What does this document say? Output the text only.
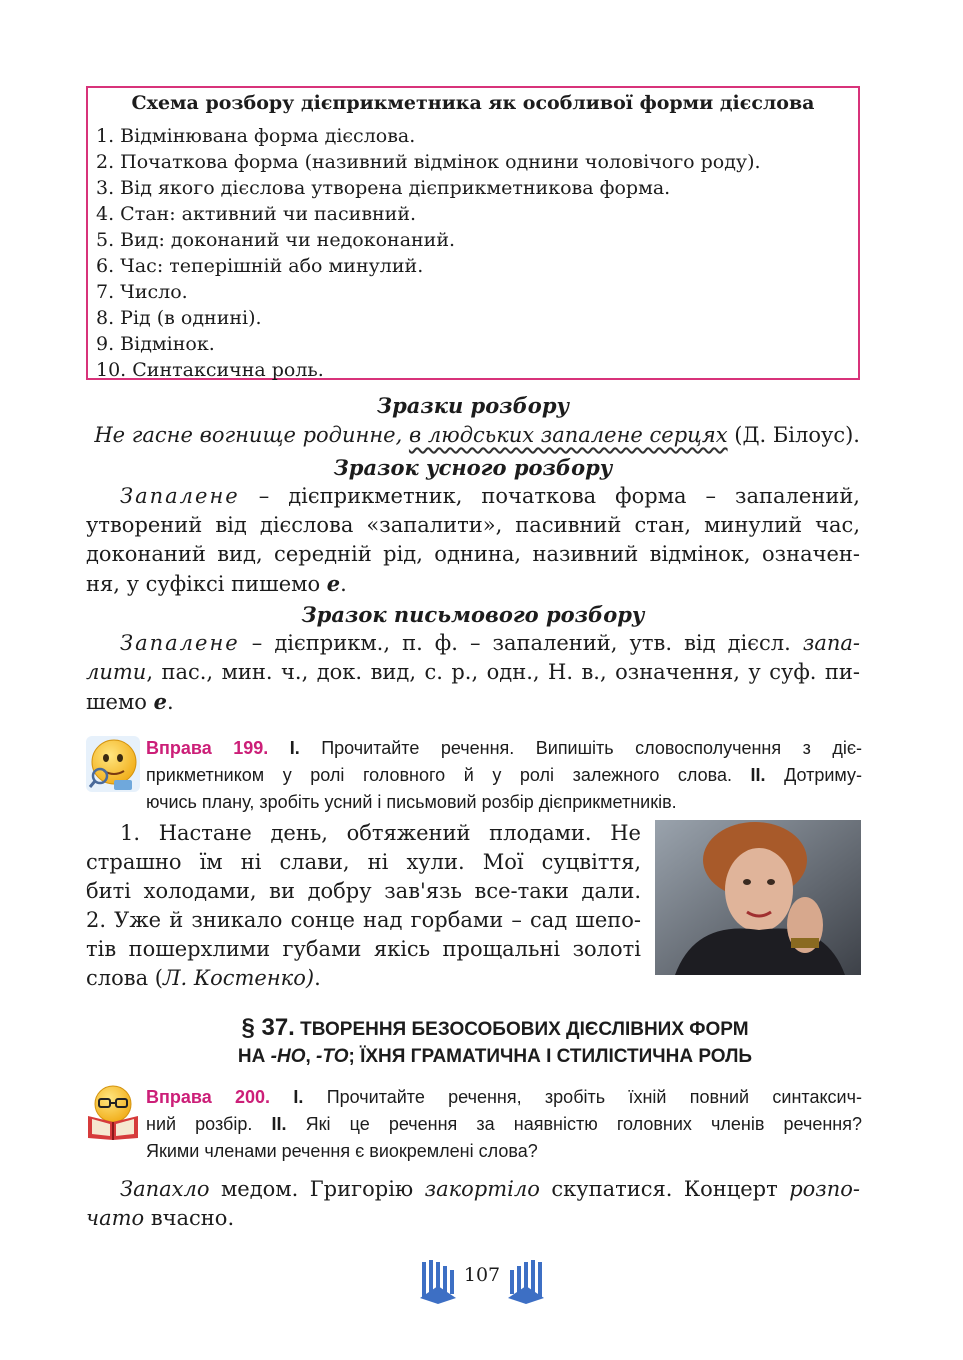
Схема розбору дієприкметника як особливої форми дієслова
1. Відмінювана форма дієслова.
2. Початкова форма (називний відмінок однини чоловічого роду).
3. Від якого дієслова утворена дієприкметникова форма.
4. Стан: активний чи пасивний.
5. Вид: доконаний чи недоконаний.
6. Час: теперішній або минулий.
7. Число.
8. Рід (в однині).
9. Відмінок.
10. Синтаксична роль.
Зразки розбору
Не гасне вогнище родинне, в людських запалене серцях (Д. Білоус).
Зразок усного розбору
Запалене – дієприкметник, початкова форма – запалений,
утворений від дієслова «запалити», пасивний стан, минулий час,
доконаний вид, середній рід, однина, називний відмінок, означен-
ня, у суфіксі пишемо е.
Зразок письмового розбору
Запалене – дієприкм., п. ф. – запалений, утв. від дієсл. запа-
лити, пас., мин. ч., док. вид, с. р., одн., Н. в., означення, у суф. пи-
шемо е.
Вправа 199. I. Прочитайте речення. Випишіть словосполучення з діє-
прикметником у ролі головного й у ролі залежного слова. II. Дотриму-
ючись плану, зробіть усний і письмовий розбір дієприкметників.
1. Настане день, обтяжений плодами. Не
страшно їм ні слави, ні хули. Мої суцвіття,
биті холодами, ви добру зав'язь все-таки дали.
2. Уже й зникало сонце над горбами – сад шепо-
тів пошерхлими губами якісь прощальні золоті
слова (Л. Костенко).
§ 37. ТВОРЕННЯ БЕЗОСОБОВИХ ДІЄСЛІВНИХ ФОРМ
НА -НО, -ТО; ЇХНЯ ГРАМАТИЧНА І СТИЛІСТИЧНА РОЛЬ
Вправа 200. I. Прочитайте речення, зробіть їхній повний синтаксич-
ний розбір. II. Які це речення за наявністю головних членів речення?
Якими членами речення є виокремлені слова?
Запахло медом. Григорію закортіло скупатися. Концерт розпо-
чато вчасно.
107
